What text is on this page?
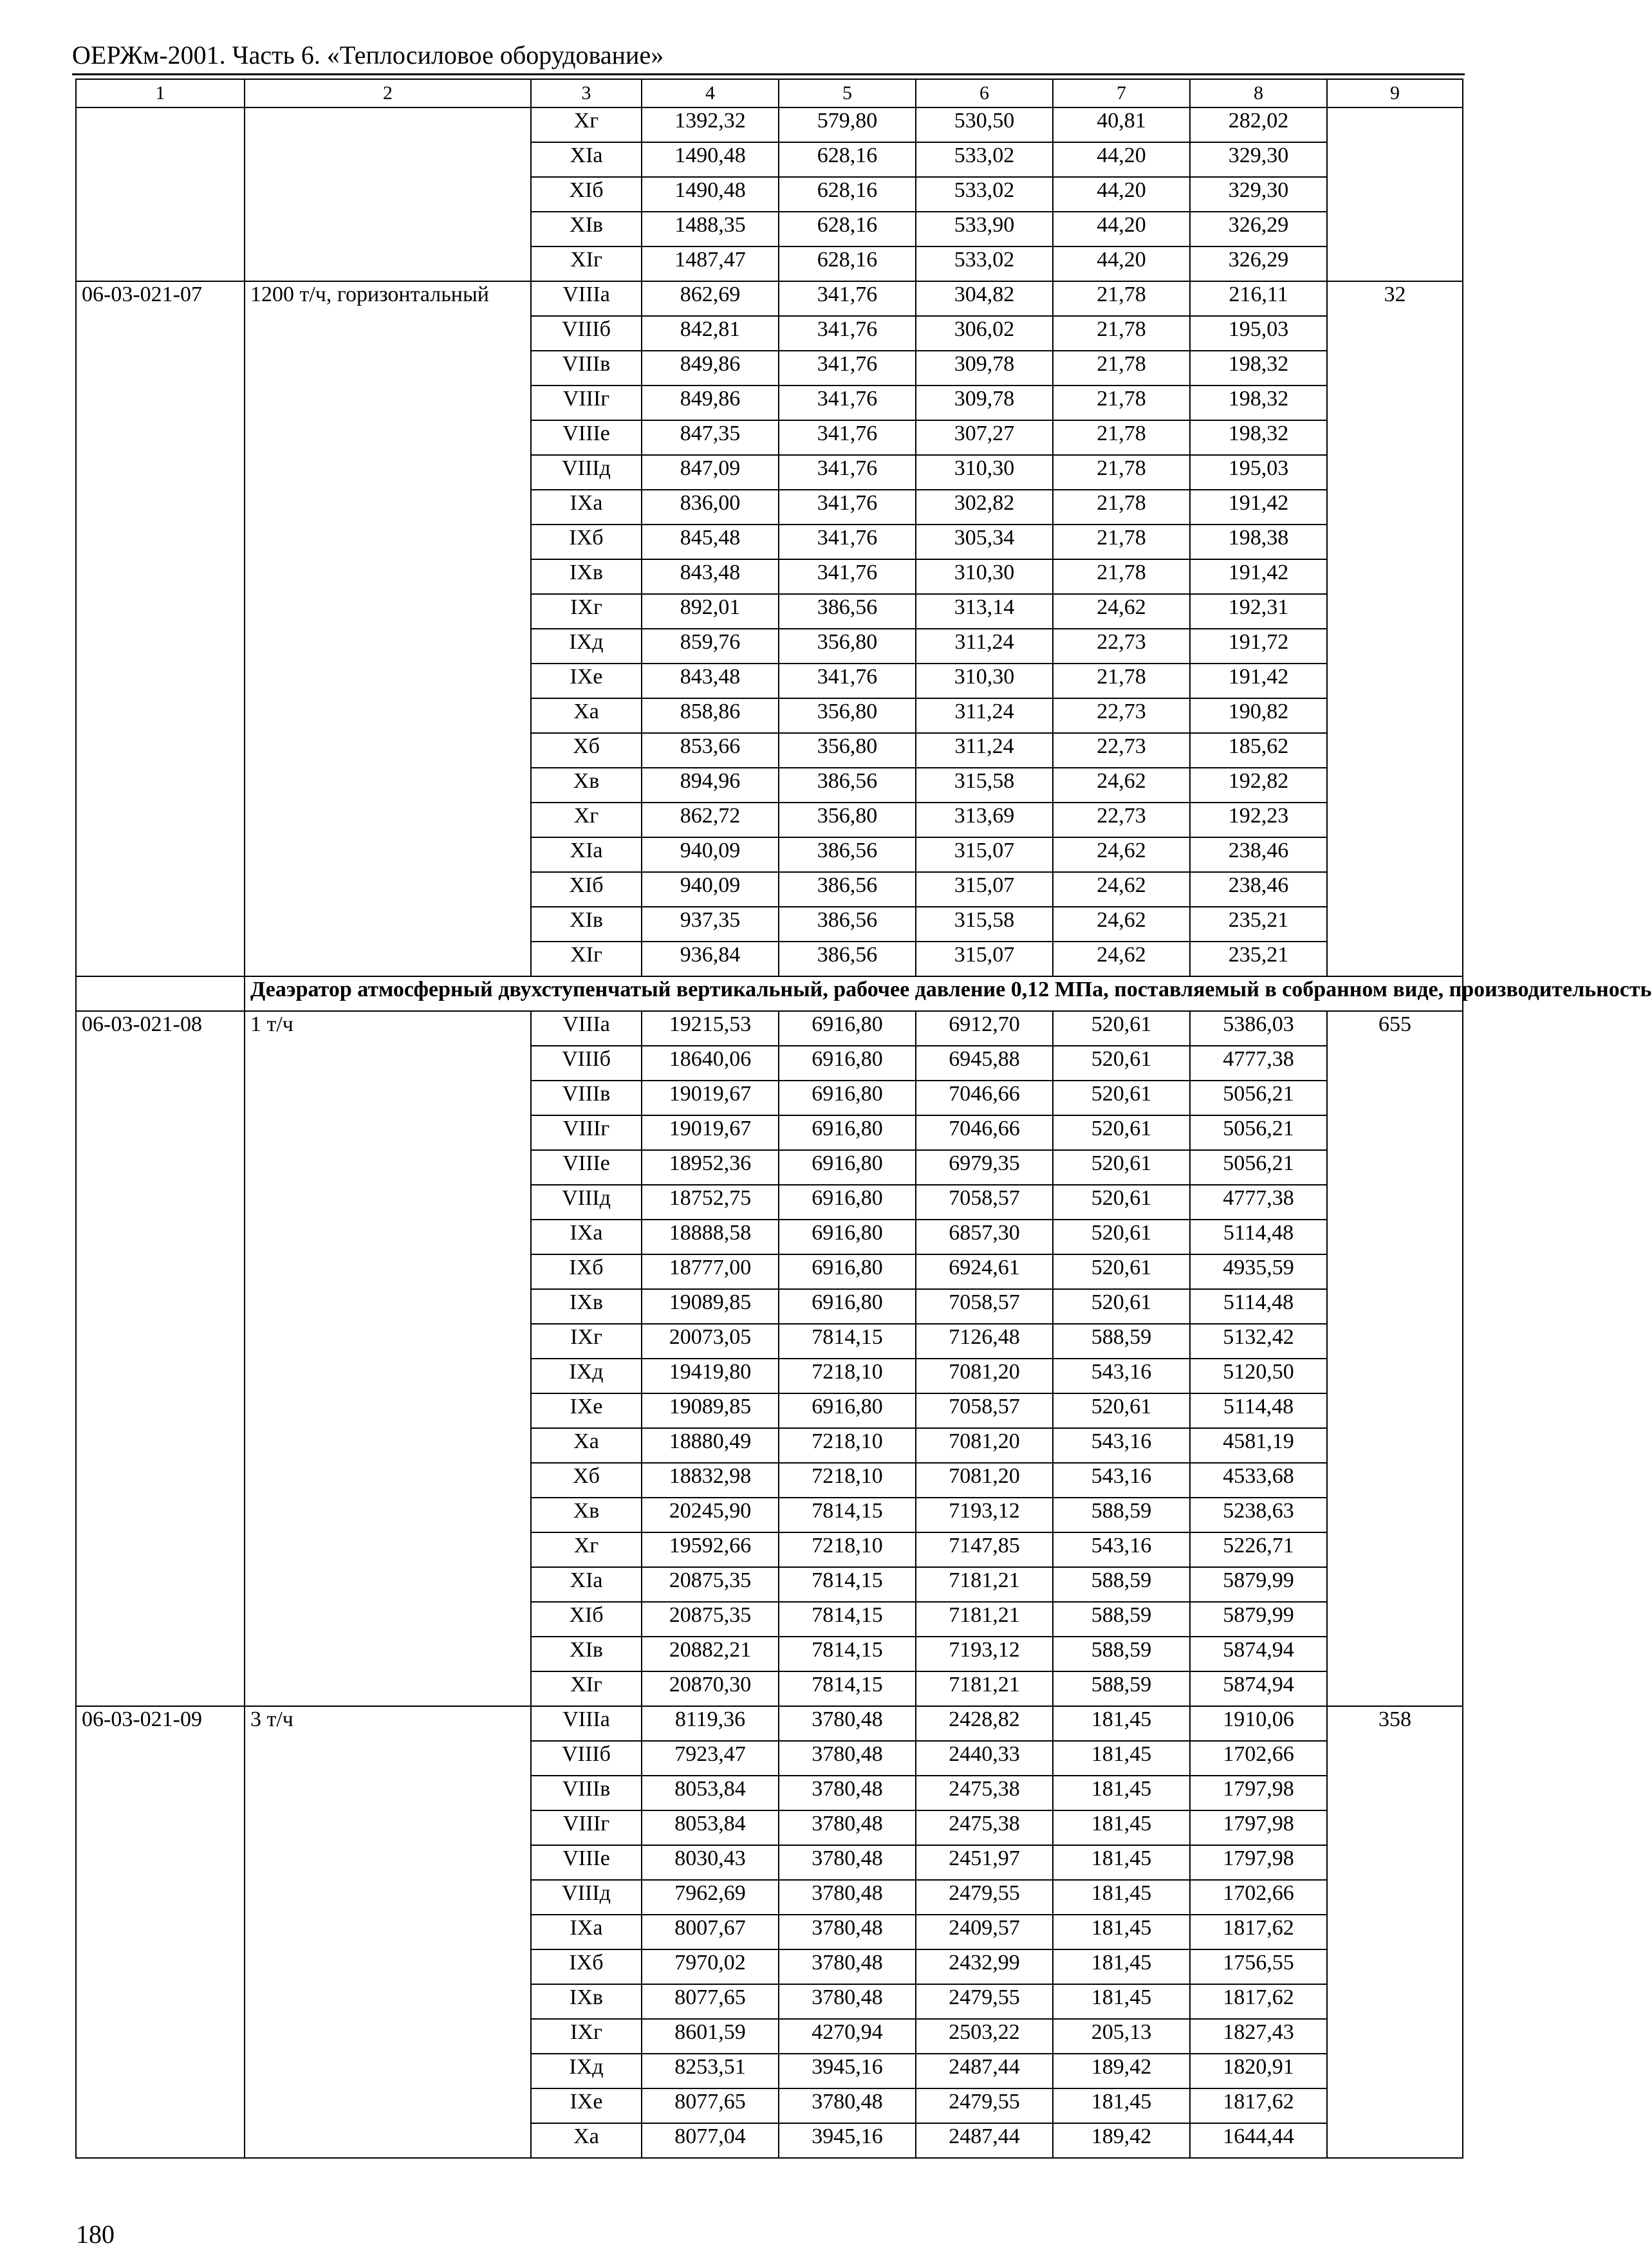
ОЕРЖм-2001. Часть 6. «Теплосиловое оборудование»
1	2	3	4	5	6	7	8	9
		Xг	1392,32	579,80	530,50	40,81	282,02	
		XIа	1490,48	628,16	533,02	44,20	329,30	
		XIб	1490,48	628,16	533,02	44,20	329,30	
		XIв	1488,35	628,16	533,90	44,20	326,29	
		XIг	1487,47	628,16	533,02	44,20	326,29	
06-03-021-07	1200 т/ч, горизонтальный	VIIIа	862,69	341,76	304,82	21,78	216,11	32
		VIIIб	842,81	341,76	306,02	21,78	195,03	
		VIIIв	849,86	341,76	309,78	21,78	198,32	
		VIIIг	849,86	341,76	309,78	21,78	198,32	
		VIIIе	847,35	341,76	307,27	21,78	198,32	
		VIIIд	847,09	341,76	310,30	21,78	195,03	
		IXа	836,00	341,76	302,82	21,78	191,42	
		IXб	845,48	341,76	305,34	21,78	198,38	
		IXв	843,48	341,76	310,30	21,78	191,42	
		IXг	892,01	386,56	313,14	24,62	192,31	
		IXд	859,76	356,80	311,24	22,73	191,72	
		IXе	843,48	341,76	310,30	21,78	191,42	
		Xа	858,86	356,80	311,24	22,73	190,82	
		Xб	853,66	356,80	311,24	22,73	185,62	
		Xв	894,96	386,56	315,58	24,62	192,82	
		Xг	862,72	356,80	313,69	22,73	192,23	
		XIа	940,09	386,56	315,07	24,62	238,46	
		XIб	940,09	386,56	315,07	24,62	238,46	
		XIв	937,35	386,56	315,58	24,62	235,21	
		XIг	936,84	386,56	315,07	24,62	235,21	
	Деаэратор атмосферный двухступенчатый вертикальный, рабочее давление 0,12 МПа, поставляемый в собранном виде, производительность							
06-03-021-08	1 т/ч	VIIIа	19215,53	6916,80	6912,70	520,61	5386,03	655
		VIIIб	18640,06	6916,80	6945,88	520,61	4777,38	
		VIIIв	19019,67	6916,80	7046,66	520,61	5056,21	
		VIIIг	19019,67	6916,80	7046,66	520,61	5056,21	
		VIIIе	18952,36	6916,80	6979,35	520,61	5056,21	
		VIIIд	18752,75	6916,80	7058,57	520,61	4777,38	
		IXа	18888,58	6916,80	6857,30	520,61	5114,48	
		IXб	18777,00	6916,80	6924,61	520,61	4935,59	
		IXв	19089,85	6916,80	7058,57	520,61	5114,48	
		IXг	20073,05	7814,15	7126,48	588,59	5132,42	
		IXд	19419,80	7218,10	7081,20	543,16	5120,50	
		IXе	19089,85	6916,80	7058,57	520,61	5114,48	
		Xа	18880,49	7218,10	7081,20	543,16	4581,19	
		Xб	18832,98	7218,10	7081,20	543,16	4533,68	
		Xв	20245,90	7814,15	7193,12	588,59	5238,63	
		Xг	19592,66	7218,10	7147,85	543,16	5226,71	
		XIа	20875,35	7814,15	7181,21	588,59	5879,99	
		XIб	20875,35	7814,15	7181,21	588,59	5879,99	
		XIв	20882,21	7814,15	7193,12	588,59	5874,94	
		XIг	20870,30	7814,15	7181,21	588,59	5874,94	
06-03-021-09	3 т/ч	VIIIа	8119,36	3780,48	2428,82	181,45	1910,06	358
		VIIIб	7923,47	3780,48	2440,33	181,45	1702,66	
		VIIIв	8053,84	3780,48	2475,38	181,45	1797,98	
		VIIIг	8053,84	3780,48	2475,38	181,45	1797,98	
		VIIIе	8030,43	3780,48	2451,97	181,45	1797,98	
		VIIIд	7962,69	3780,48	2479,55	181,45	1702,66	
		IXа	8007,67	3780,48	2409,57	181,45	1817,62	
		IXб	7970,02	3780,48	2432,99	181,45	1756,55	
		IXв	8077,65	3780,48	2479,55	181,45	1817,62	
		IXг	8601,59	4270,94	2503,22	205,13	1827,43	
		IXд	8253,51	3945,16	2487,44	189,42	1820,91	
		IXе	8077,65	3780,48	2479,55	181,45	1817,62	
		Xа	8077,04	3945,16	2487,44	189,42	1644,44	
180
